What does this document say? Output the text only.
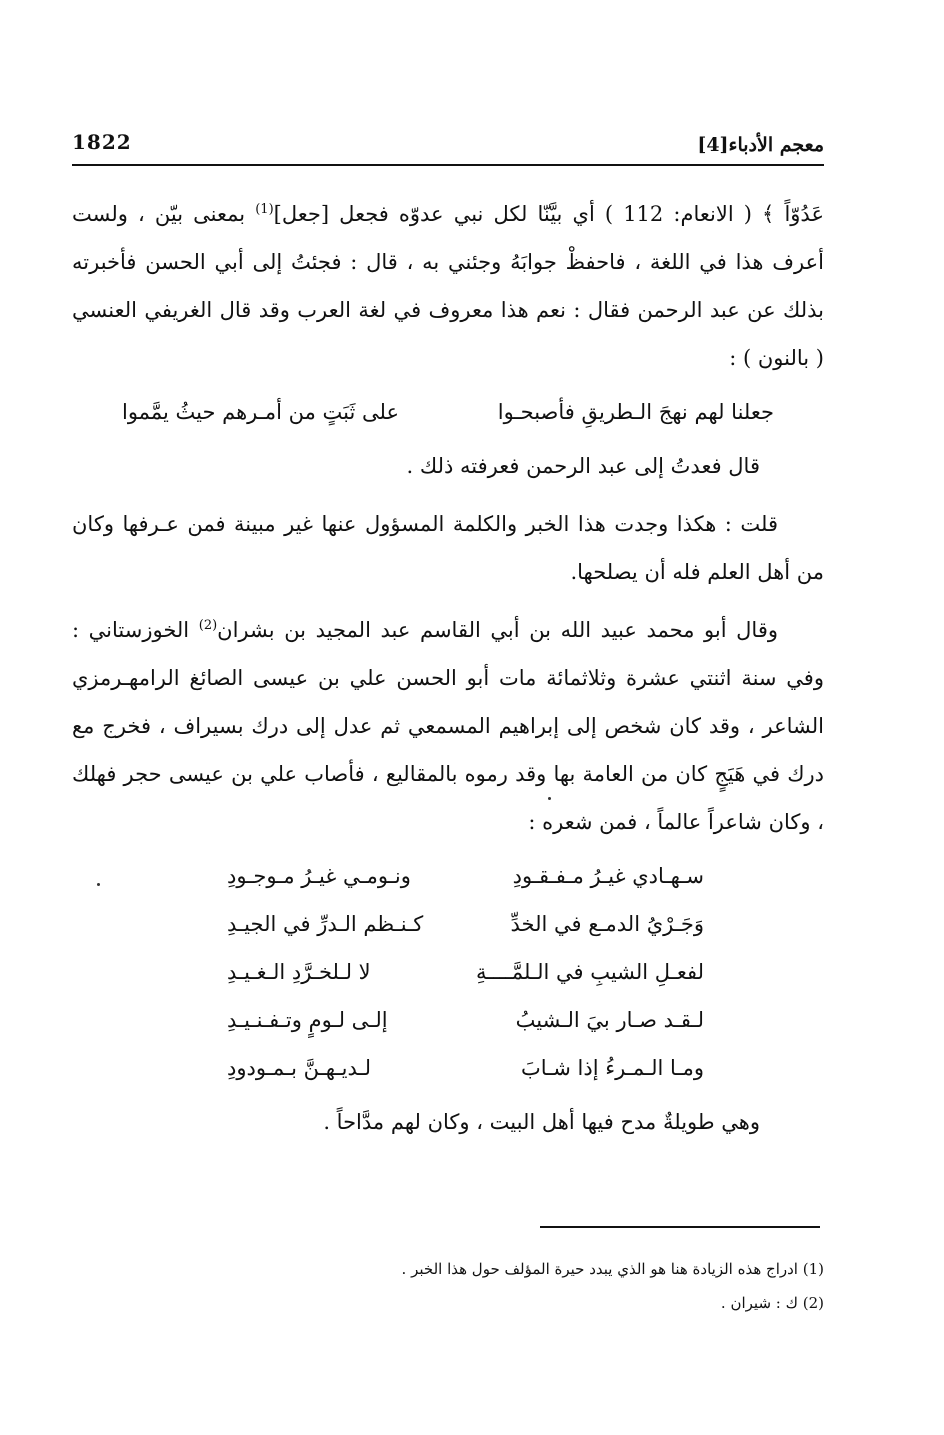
معجم الأدباء[4]
1822

عَدُوّاً ﴾ ( الانعام: 112 ) أي بيَّنّا لكل نبي عدوّه فجعل [جعل]$^{(1)}$ بمعنى بيّن ، ولست أعرف هذا في اللغة ، فاحفظْ جوابَهُ وجئني به ، قال : فجئتُ إلى أبي الحسن فأخبرته بذلك عن عبد الرحمن فقال : نعم هذا معروف في لغة العرب وقد قال الغريفي العنسي ( بالنون ) :

جعلنا لهم نهجَ الـطريقِ فأصبحـوا
على ثَبَتٍ من أمـرهم حيثُ يمَّموا

قال فعدتُ إلى عبد الرحمن فعرفته ذلك .

قلت : هكذا وجدت هذا الخبر والكلمة المسؤول عنها غير مبينة فمن عـرفها وكان من أهل العلم فله أن يصلحها.

وقال أبو محمد عبيد الله بن أبي القاسم عبد المجيد بن بشران$^{(2)}$ الخوزستاني : وفي سنة اثنتي عشرة وثلاثمائة مات أبو الحسن علي بن عيسى الصائغ الرامهـرمزي الشاعر ، وقد كان شخص إلى إبراهيم المسمعي ثم عدل إلى درك بسيراف ، فخرج مع درك في هَيَجٍ كان من العامة بها وقد رموه بالمقاليع ، فأصاب علي بن عيسى حجر فهلك ، وكان شاعراً عالماً ، فمن شعره :

سـهـادي غيـرُ مـفـقـودِ
ونـومـي غيـرُ مـوجـودِ
وَجَـرْيُ الدمـع في الخدِّ
كـنـظم الـدرِّ في الجيـدِ
لفعـلِ الشيبِ في الـلمَّــــةِ
لا لـلخـرَّدِ الـغـيـدِ
لـقـد صـار بيَ الـشيبُ
إلـى لـومٍ وتـفـنـيـدِ
ومـا الـمـرءُ إذا شـابَ
لـديـهـنَّ بـمـودودِ

وهي طويلةٌ مدح فيها أهل البيت ، وكان لهم مدَّاحاً .

(1) ادراج هذه الزيادة هنا هو الذي يبدد حيرة المؤلف حول هذا الخبر .

(2) ك : شيران .
